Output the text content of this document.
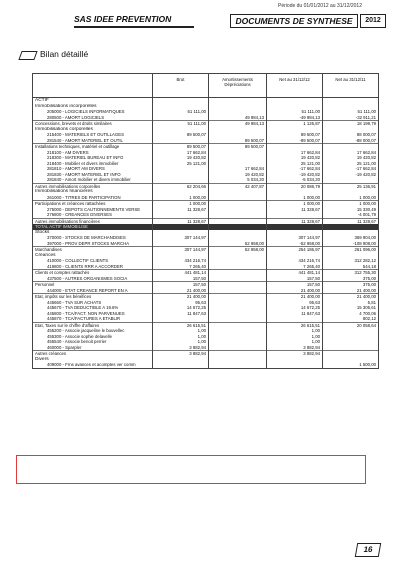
Période du 01/01/2012 au 31/12/2012
SAS IDEE PREVENTION	DOCUMENTS DE SYNTHESE	2012
Bilan détaillé
	Brut	Amortissements Dépréciations	Net au 31/12/12	Net au 31/12/11
ACTIF				
Immobilisations incorporelles				
205000 - LOGICIELS INFORMATIQUES	51 111,00		51 111,00	51 111,00
280500 - AMORT LOGICIELS		49 984,13	-49 984,13	-32 911,21
Concessions, brevets et droits similaires	51 111,00	49 984,13	1 126,87	18 199,79
Immobilisations corporelles				
215400 - MATERIELS ET OUTILLAGES	89 500,07		89 500,07	88 000,07
281540 - AMORT MATERIEL ET OUTIL		89 500,07	-89 500,07	-88 000,07
Installations techniques, matériel et outillage	89 500,07	89 500,07		
218100 - AM DIVERS	17 662,84		17 662,84	17 662,84
218300 - MATERIEL BUREAU ET INFO	19 420,82		19 420,82	19 420,82
218400 - Mobilier et divers immobilier	25 121,00		25 121,00	25 121,00
281810 - AMORT AM DIVERS		17 662,84	-17 662,84	-17 662,84
281830 - AMORT MATERIEL ET INFO		19 420,82	-19 420,82	-19 420,82
281840 - Amort mobilier et divers immobilier		5 034,20	-5 034,20	
Autres immobilisations corporelles	62 204,66	42 407,87	20 086,79	25 136,91
Immobilisations financières				
261000 - TITRES DE PARTICIPATION	1 000,00		1 000,00	1 000,00
Participations et créances rattachées	1 000,00		1 000,00	1 000,00
275000 - DEPOTS CAUTIONNEMENTS VERSE	11 328,67		11 328,67	15 330,49
276800 - CREANCES DIVERSES				-4 001,79
Autres immobilisations financières	11 328,67		11 328,67	11 328,67
TOTAL ACTIF IMMOBILISE				
Stocks				
370000 - STOCKS DE MARCHANDISES	307 144,97		307 144,97	369 904,00
397000 - PROV DEPR STOCKS MARCHA		52 958,00	-52 958,00	-108 908,00
Marchandises	307 144,97	52 958,00	254 186,97	261 096,00
Créances				
410000 - COLLECTIF CLIENTS	434 216,74		434 216,74	312 282,12
419800 - CLIENTS RRR A ACCORDER	7 265,40		7 265,40	544,18
Clients et comptes rattachés	441 481,14		441 481,14	312 755,30
437500 - AUTRES ORGANISMES SOCIA	157,50		157,50	375,00
Personnel	157,50		157,50	375,00
444000 - ETAT CREANCE REPORT EN A	21 400,00		21 400,00	21 400,00
Etat, impôts sur les bénéfices	21 400,00		21 400,00	21 400,00
445660 - TVA SUR ACHATS	95,63		95,63	5,81
445670 - TVA DEDUCTIBLE A 19.6%	14 672,25		14 672,25	15 305,61
445800 - TCA/FACT. NON PARVENUES	11 847,63		11 847,63	4 700,06
445870 - TCA/FACTURES A ETABLIR				802,12
Etat, Taxes sur le chiffre d'affaires	26 615,51		26 615,51	20 058,64
455200 - Associe jacqueline le bouvellec	1,00		1,00	
455300 - Associe sophie delavelle	1,00		1,00	
455540 - Associe benoit perrier	1,00		1,00	
460000 - Sparpler	3 882,94		3 882,94	
Autres créances	3 882,94		3 882,94	
Divers				
409000 - Frns avances et acomptes ver comm				1 500,00
16
